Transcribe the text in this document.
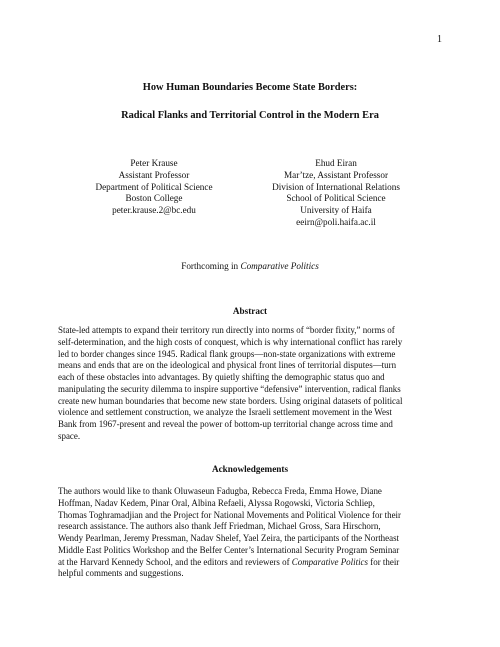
1
How Human Boundaries Become State Borders:
Radical Flanks and Territorial Control in the Modern Era
Peter Krause
Assistant Professor
Department of Political Science
Boston College
peter.krause.2@bc.edu
Ehud Eiran
Mar’tze, Assistant Professor
Division of International Relations
School of Political Science
University of Haifa
eeirn@poli.haifa.ac.il
Forthcoming in Comparative Politics
Abstract
State-led attempts to expand their territory run directly into norms of “border fixity,” norms of
self-determination, and the high costs of conquest, which is why international conflict has rarely
led to border changes since 1945. Radical flank groups—non-state organizations with extreme
means and ends that are on the ideological and physical front lines of territorial disputes—turn
each of these obstacles into advantages. By quietly shifting the demographic status quo and
manipulating the security dilemma to inspire supportive “defensive” intervention, radical flanks
create new human boundaries that become new state borders. Using original datasets of political
violence and settlement construction, we analyze the Israeli settlement movement in the West
Bank from 1967-present and reveal the power of bottom-up territorial change across time and
space.
Acknowledgements
The authors would like to thank Oluwaseun Fadugba, Rebecca Freda, Emma Howe, Diane
Hoffman, Nadav Kedem, Pinar Oral, Albina Refaeli, Alyssa Rogowski, Victoria Schliep,
Thomas Toghramadjian and the Project for National Movements and Political Violence for their
research assistance. The authors also thank Jeff Friedman, Michael Gross, Sara Hirschorn,
Wendy Pearlman, Jeremy Pressman, Nadav Shelef, Yael Zeira, the participants of the Northeast
Middle East Politics Workshop and the Belfer Center’s International Security Program Seminar
at the Harvard Kennedy School, and the editors and reviewers of Comparative Politics for their
helpful comments and suggestions.
